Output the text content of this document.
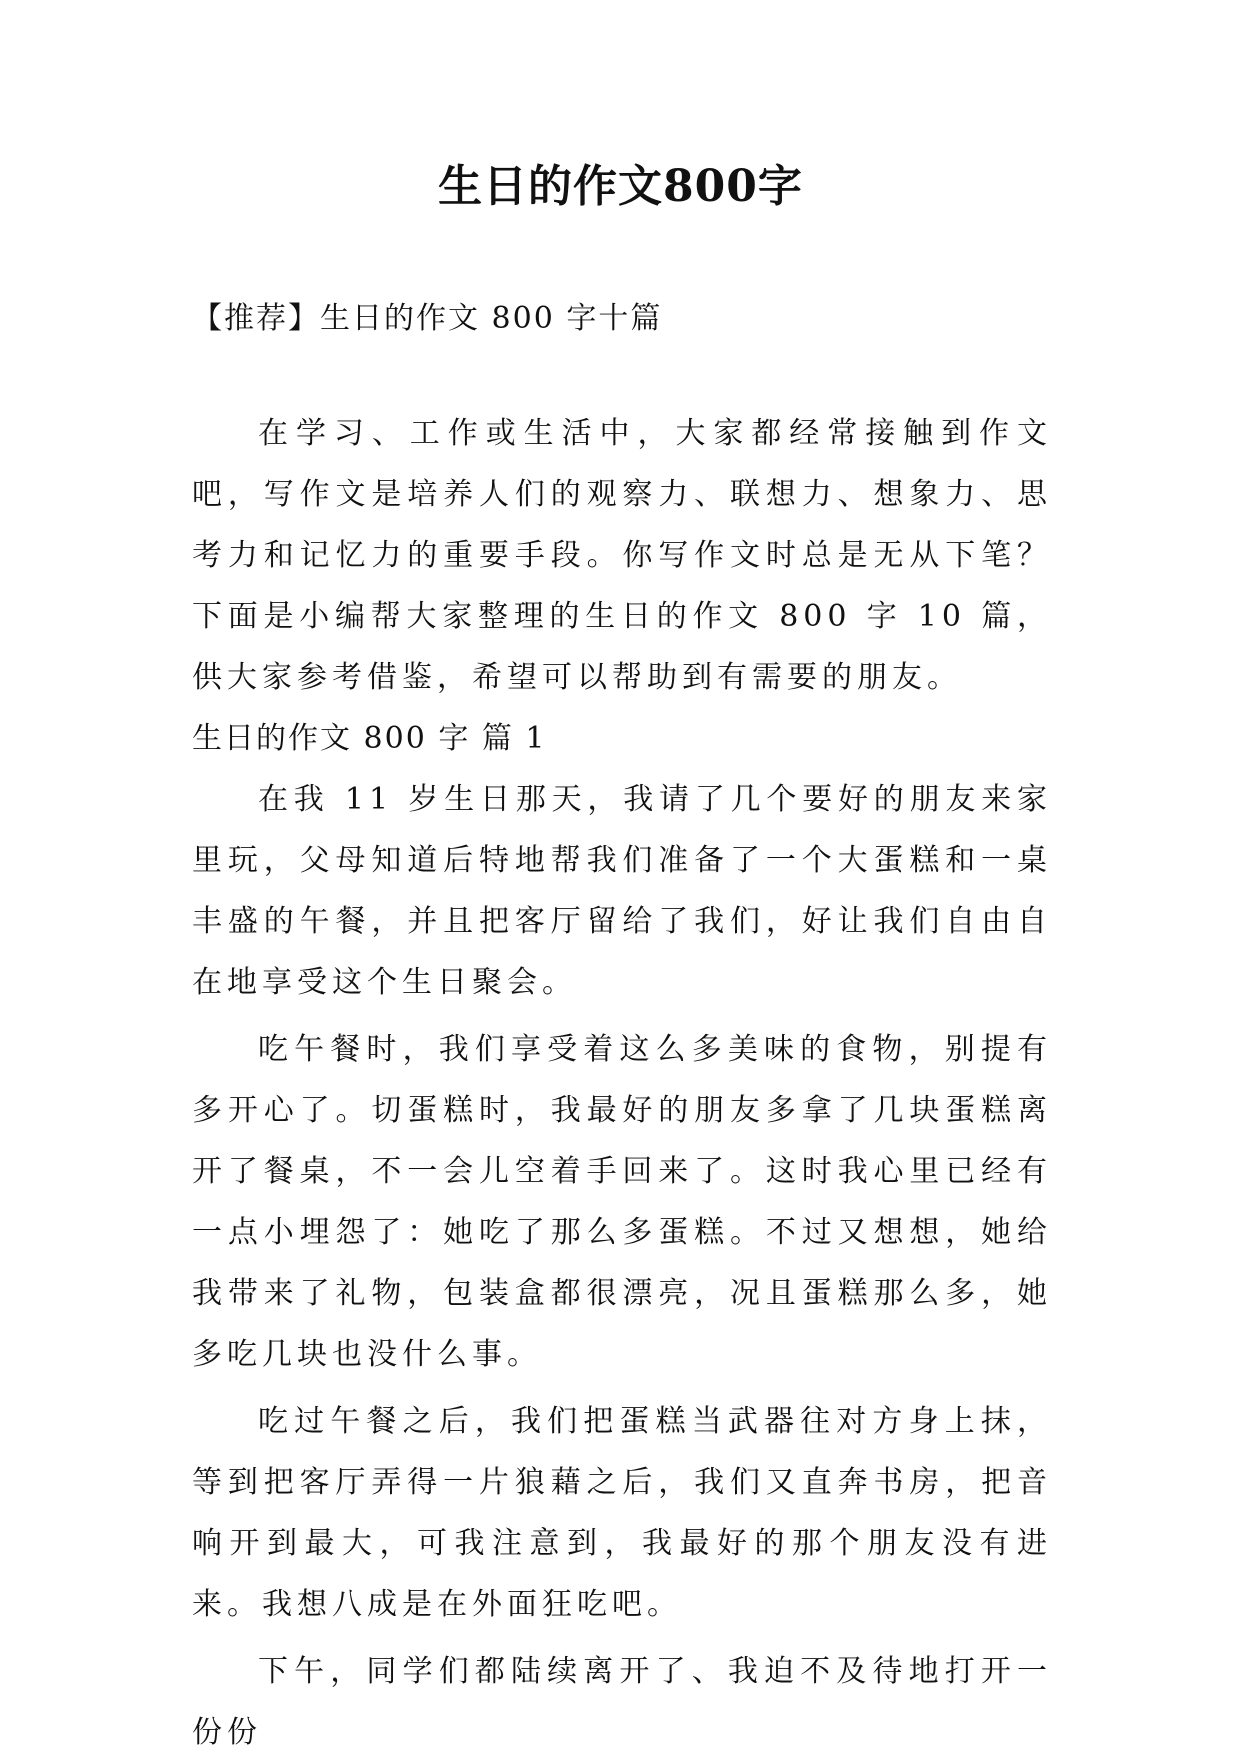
生日的作文800字

【推荐】生日的作文 800 字十篇

在学习、工作或生活中，大家都经常接触到作文吧，写作文是培养人们的观察力、联想力、想象力、思考力和记忆力的重要手段。你写作文时总是无从下笔？下面是小编帮大家整理的生日的作文 800 字 10 篇，供大家参考借鉴，希望可以帮助到有需要的朋友。

生日的作文 800 字 篇 1

在我 11 岁生日那天，我请了几个要好的朋友来家里玩，父母知道后特地帮我们准备了一个大蛋糕和一桌丰盛的午餐，并且把客厅留给了我们，好让我们自由自在地享受这个生日聚会。

吃午餐时，我们享受着这么多美味的食物，别提有多开心了。切蛋糕时，我最好的朋友多拿了几块蛋糕离开了餐桌，不一会儿空着手回来了。这时我心里已经有一点小埋怨了：她吃了那么多蛋糕。不过又想想，她给我带来了礼物，包装盒都很漂亮，况且蛋糕那么多，她多吃几块也没什么事。

吃过午餐之后，我们把蛋糕当武器往对方身上抹，等到把客厅弄得一片狼藉之后，我们又直奔书房，把音响开到最大，可我注意到，我最好的那个朋友没有进来。我想八成是在外面狂吃吧。

下午，同学们都陆续离开了、我迫不及待地打开一份份
